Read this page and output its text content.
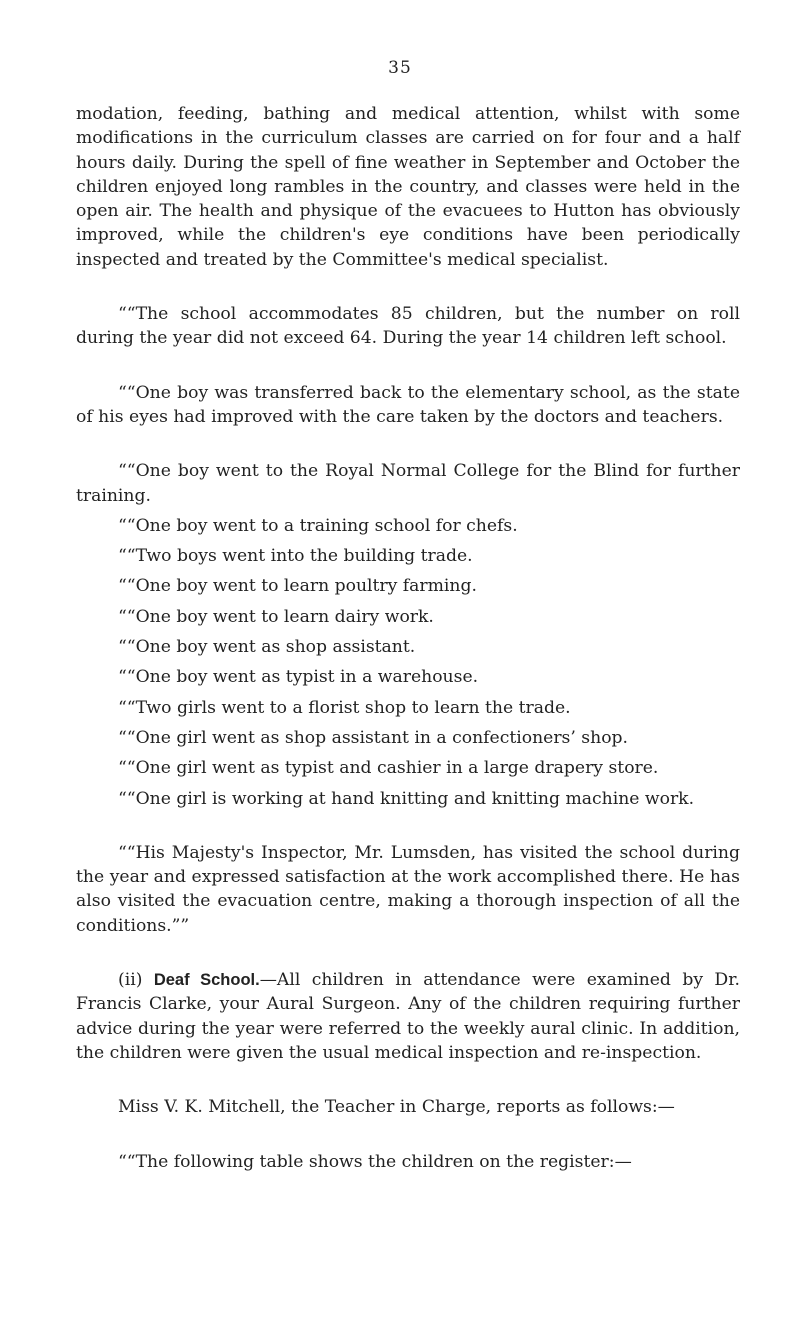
35

modation, feeding, bathing and medical attention, whilst with some modifications in the curriculum classes are carried on for four and a half hours daily. During the spell of fine weather in September and October the children enjoyed long rambles in the country, and classes were held in the open air. The health and physique of the evacuees to Hutton has obviously improved, while the children's eye conditions have been periodically inspected and treated by the Committee's medical specialist.

““The school accommodates 85 children, but the number on roll during the year did not exceed 64. During the year 14 children left school.

““One boy was transferred back to the elementary school, as the state of his eyes had improved with the care taken by the doctors and teachers.

““One boy went to the Royal Normal College for the Blind for further training.

““One boy went to a training school for chefs.

““Two boys went into the building trade.

““One boy went to learn poultry farming.

““One boy went to learn dairy work.

““One boy went as shop assistant.

““One boy went as typist in a warehouse.

““Two girls went to a florist shop to learn the trade.

““One girl went as shop assistant in a confectioners’ shop.

““One girl went as typist and cashier in a large drapery store.

““One girl is working at hand knitting and knitting machine work.

““His Majesty's Inspector, Mr. Lumsden, has visited the school during the year and expressed satisfaction at the work accomplished there. He has also visited the evacuation centre, making a thorough inspection of all the conditions.””

(ii) Deaf School.—All children in attendance were examined by Dr. Francis Clarke, your Aural Surgeon. Any of the children requiring further advice during the year were referred to the weekly aural clinic. In addition, the children were given the usual medical inspection and re-inspection.

Miss V. K. Mitchell, the Teacher in Charge, reports as follows:—

““The following table shows the children on the register:—
